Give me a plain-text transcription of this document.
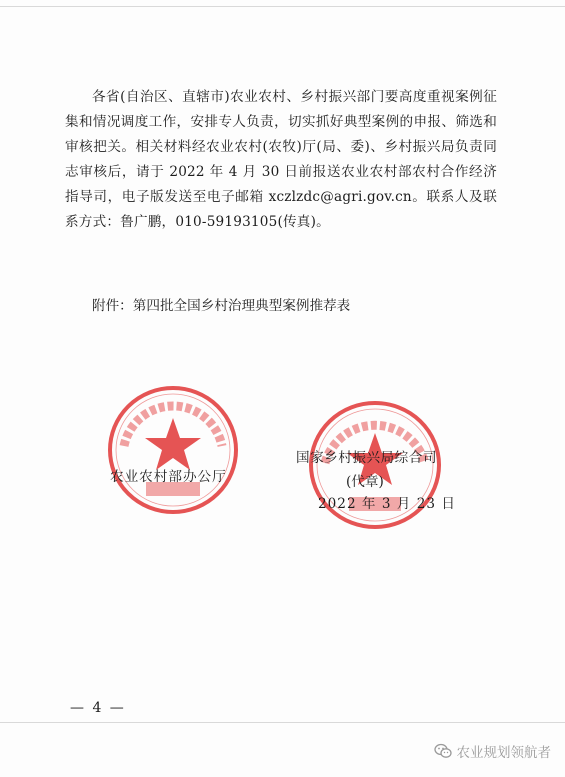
各省(自治区、直辖市)农业农村、乡村振兴部门要高度重视案例征集和情况调度工作，安排专人负责，切实抓好典型案例的申报、筛选和审核把关。相关材料经农业农村(农牧)厅(局、委)、乡村振兴局负责同志审核后，请于 2022 年 4 月 30 日前报送农业农村部农村合作经济指导司，电子版发送至电子邮箱 xczlzdc@agri.gov.cn。联系人及联系方式：鲁广鹏，010-59193105(传真)。
附件：第四批全国乡村治理典型案例推荐表
农业农村部办公厅
国家乡村振兴局综合司
(代章)
2022 年 3 月 23 日
— 4 —
农业规划领航者
